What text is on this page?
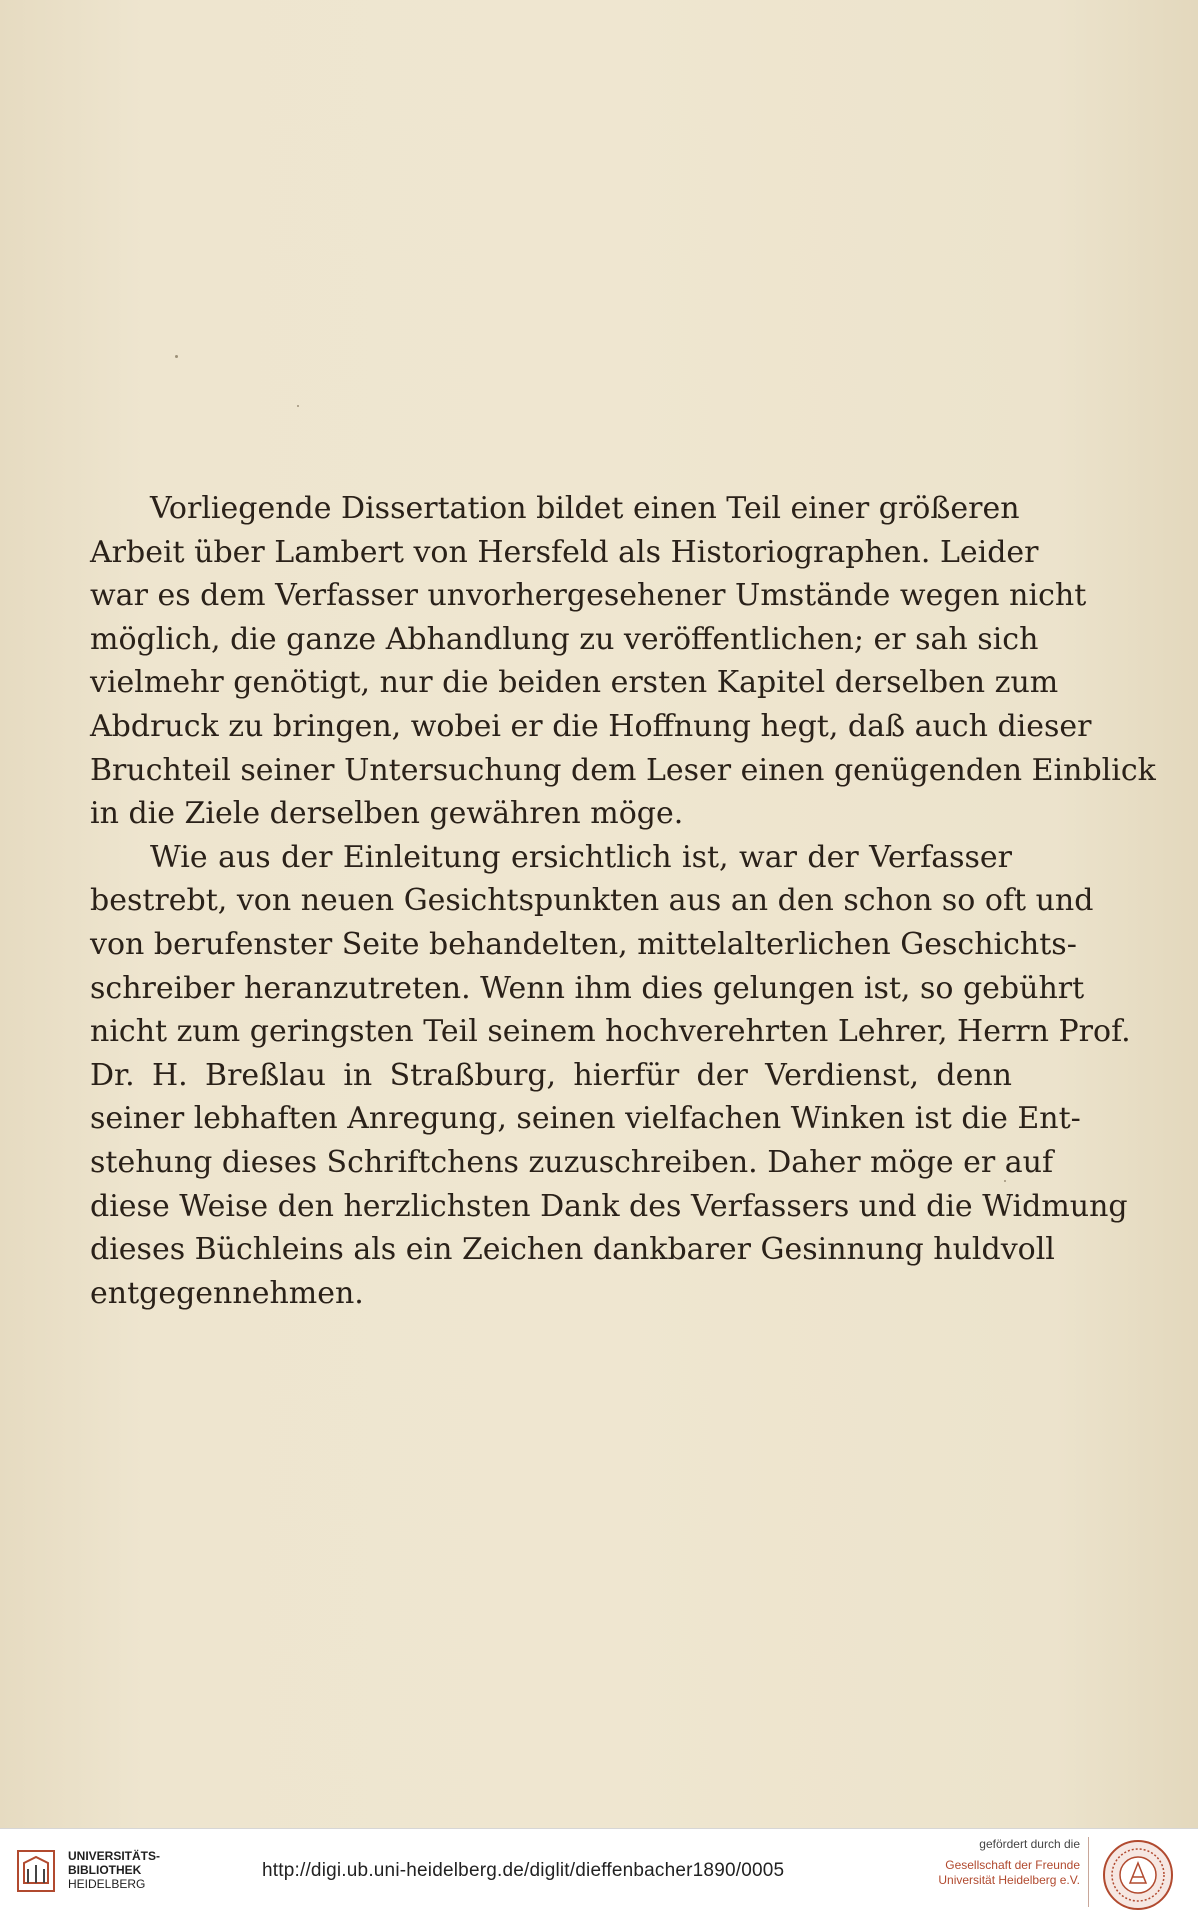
Vorliegende Dissertation bildet einen Teil einer größeren
Arbeit über Lambert von Hersfeld als Historiographen. Leider
war es dem Verfasser unvorhergesehener Umstände wegen nicht
möglich, die ganze Abhandlung zu veröffentlichen; er sah sich
vielmehr genötigt, nur die beiden ersten Kapitel derselben zum
Abdruck zu bringen, wobei er die Hoffnung hegt, daß auch dieser
Bruchteil seiner Untersuchung dem Leser einen genügenden Einblick
in die Ziele derselben gewähren möge.
Wie aus der Einleitung ersichtlich ist, war der Verfasser
bestrebt, von neuen Gesichtspunkten aus an den schon so oft und
von berufenster Seite behandelten, mittelalterlichen Geschichts-
schreiber heranzutreten. Wenn ihm dies gelungen ist, so gebührt
nicht zum geringsten Teil seinem hochverehrten Lehrer, Herrn Prof.
Dr. H. Breßlau in Straßburg, hierfür der Verdienst, denn
seiner lebhaften Anregung, seinen vielfachen Winken ist die Ent-
stehung dieses Schriftchens zuzuschreiben. Daher möge er auf
diese Weise den herzlichsten Dank des Verfassers und die Widmung
dieses Büchleins als ein Zeichen dankbarer Gesinnung huldvoll
entgegennehmen.
UNIVERSITÄTS-
BIBLIOTHEK
HEIDELBERG
http://digi.ub.uni-heidelberg.de/diglit/dieffenbacher1890/0005
gefördert durch die
Gesellschaft der Freunde
Universität Heidelberg e.V.
